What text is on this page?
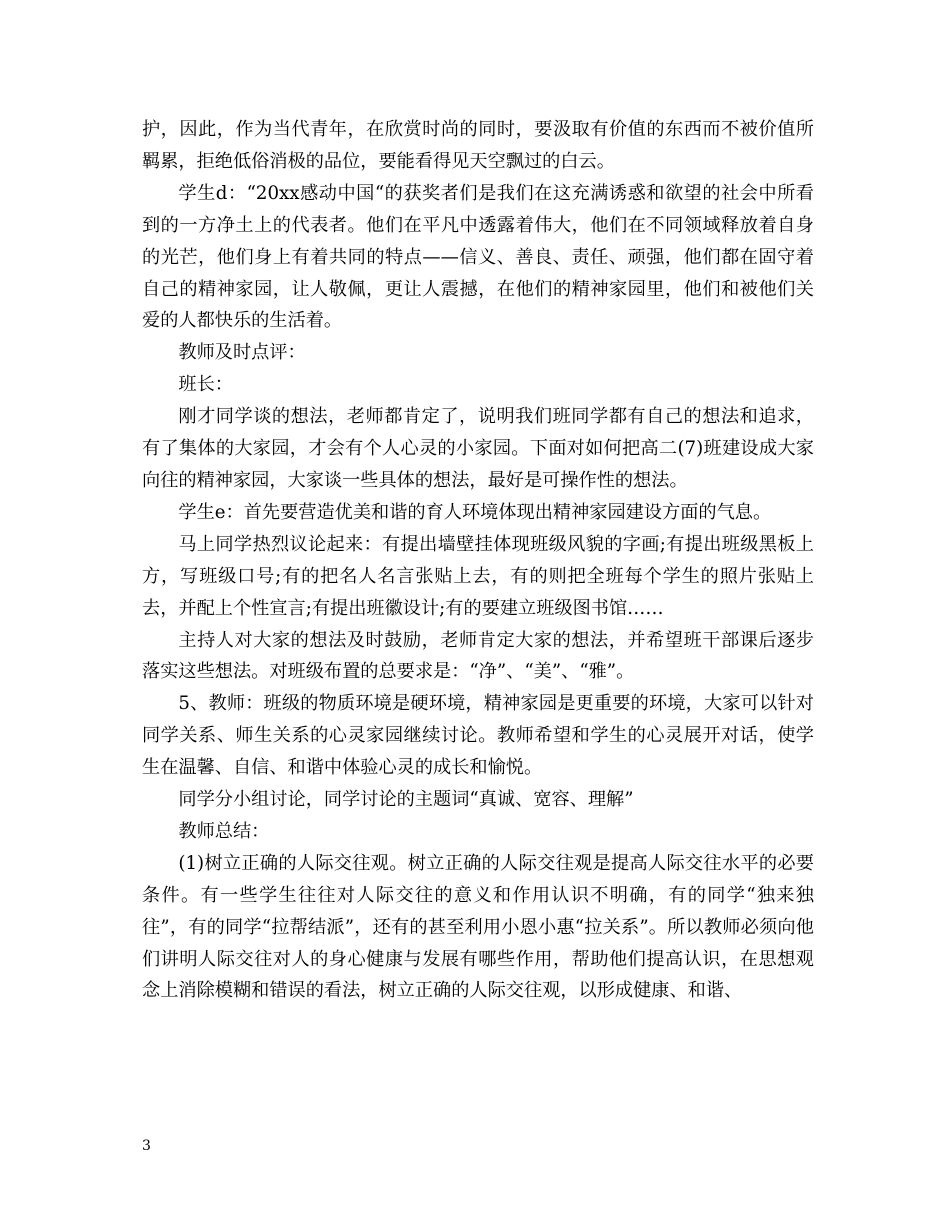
护，因此，作为当代青年，在欣赏时尚的同时，要汲取有价值的东西而不被价值所羁累，拒绝低俗消极的品位，要能看得见天空飘过的白云。

学生d：“20xx感动中国“的获奖者们是我们在这充满诱惑和欲望的社会中所看到的一方净土上的代表者。他们在平凡中透露着伟大，他们在不同领域释放着自身的光芒，他们身上有着共同的特点——信义、善良、责任、顽强，他们都在固守着自己的精神家园，让人敬佩，更让人震撼，在他们的精神家园里，他们和被他们关爱的人都快乐的生活着。

教师及时点评：

班长：

刚才同学谈的想法，老师都肯定了，说明我们班同学都有自己的想法和追求，有了集体的大家园，才会有个人心灵的小家园。下面对如何把高二(7)班建设成大家向往的精神家园，大家谈一些具体的想法，最好是可操作性的想法。

学生e：首先要营造优美和谐的育人环境体现出精神家园建设方面的气息。

马上同学热烈议论起来：有提出墙壁挂体现班级风貌的字画;有提出班级黑板上方，写班级口号;有的把名人名言张贴上去，有的则把全班每个学生的照片张贴上去，并配上个性宣言;有提出班徽设计;有的要建立班级图书馆……

主持人对大家的想法及时鼓励，老师肯定大家的想法，并希望班干部课后逐步落实这些想法。对班级布置的总要求是：“净”、“美”、“雅”。

5、教师：班级的物质环境是硬环境，精神家园是更重要的环境，大家可以针对同学关系、师生关系的心灵家园继续讨论。教师希望和学生的心灵展开对话，使学生在温馨、自信、和谐中体验心灵的成长和愉悦。

同学分小组讨论，同学讨论的主题词“真诚、宽容、理解”

教师总结：

(1)树立正确的人际交往观。树立正确的人际交往观是提高人际交往水平的必要条件。有一些学生往往对人际交往的意义和作用认识不明确，有的同学“独来独往”，有的同学“拉帮结派”，还有的甚至利用小恩小惠“拉关系”。所以教师必须向他们讲明人际交往对人的身心健康与发展有哪些作用，帮助他们提高认识，在思想观念上消除模糊和错误的看法，树立正确的人际交往观，以形成健康、和谐、

3
